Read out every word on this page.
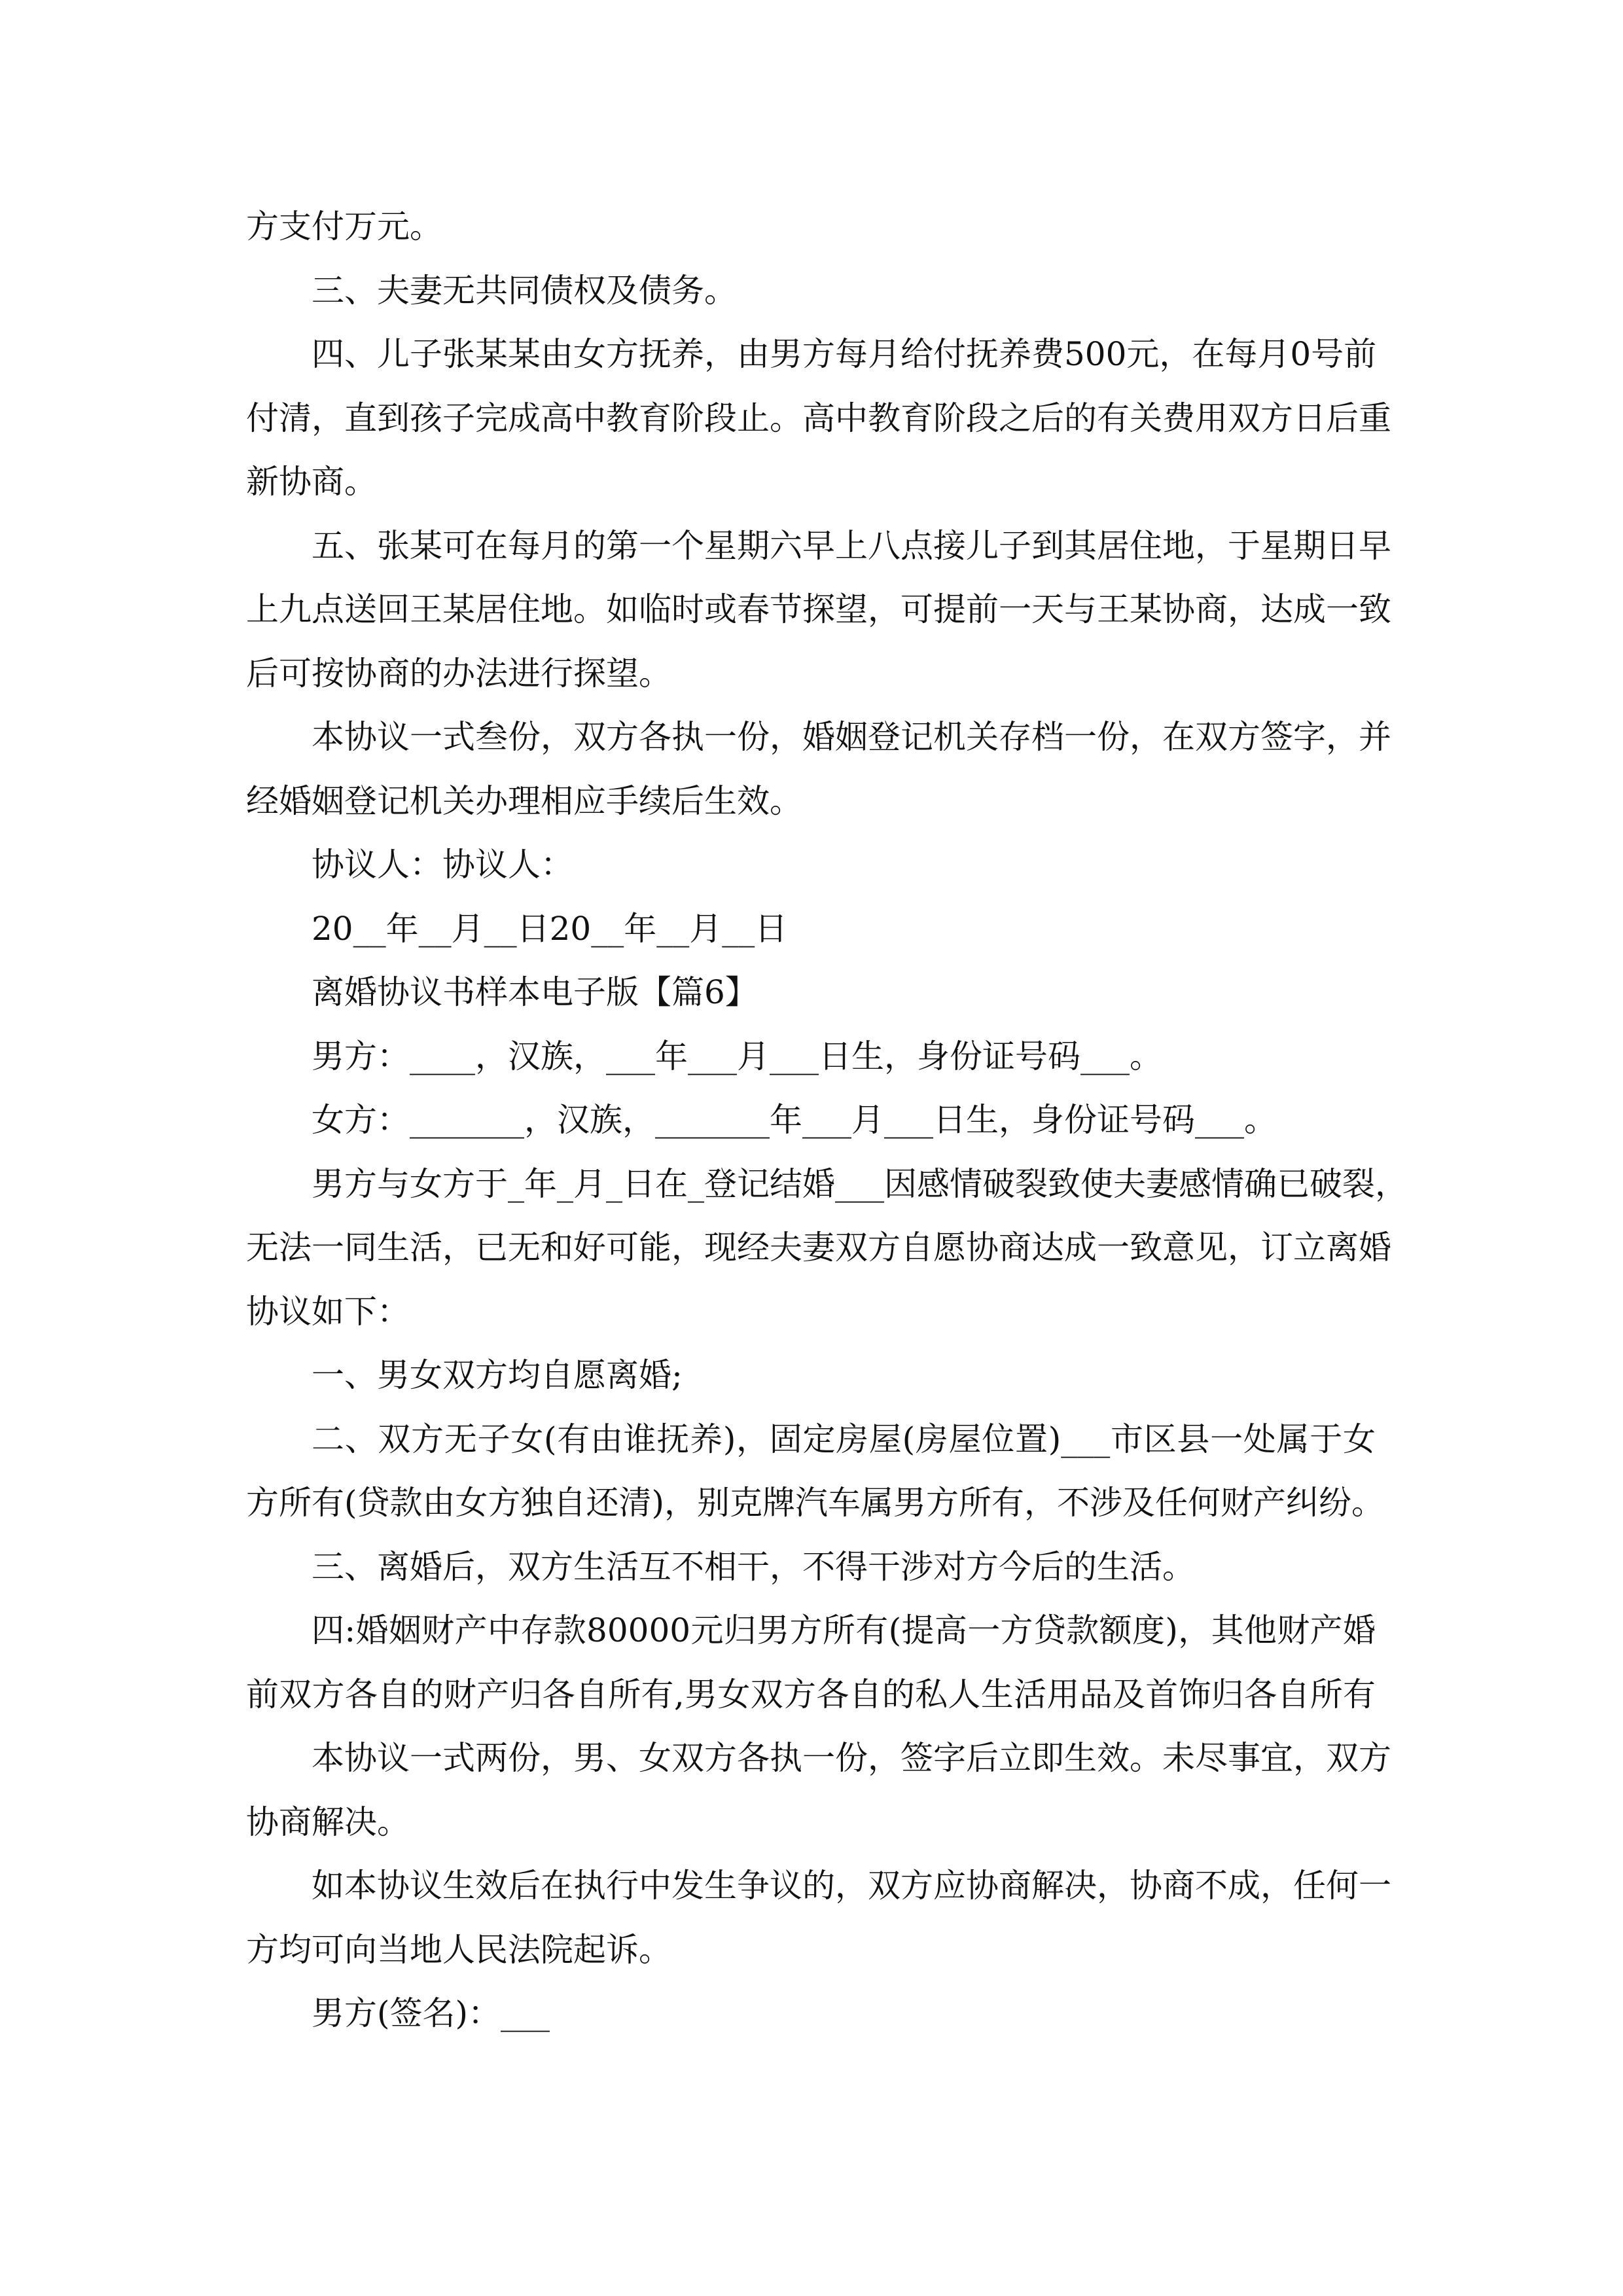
方支付万元。
三、夫妻无共同债权及债务。
四、儿子张某某由女方抚养，由男方每月给付抚养费500元，在每月0号前
付清，直到孩子完成高中教育阶段止。高中教育阶段之后的有关费用双方日后重
新协商。
五、张某可在每月的第一个星期六早上八点接儿子到其居住地，于星期日早
上九点送回王某居住地。如临时或春节探望，可提前一天与王某协商，达成一致
后可按协商的办法进行探望。
本协议一式叁份，双方各执一份，婚姻登记机关存档一份，在双方签字，并
经婚姻登记机关办理相应手续后生效。
协议人：协议人：
20__年__月__日20__年__月__日
离婚协议书样本电子版【篇6】
男方：____，汉族，___年___月___日生，身份证号码___。
女方：_______，汉族，_______年___月___日生，身份证号码___。
男方与女方于_年_月_日在_登记结婚___因感情破裂致使夫妻感情确已破裂，
无法一同生活，已无和好可能，现经夫妻双方自愿协商达成一致意见，订立离婚
协议如下：
一、男女双方均自愿离婚;
二、双方无子女(有由谁抚养)，固定房屋(房屋位置)___市区县一处属于女
方所有(贷款由女方独自还清)，别克牌汽车属男方所有，不涉及任何财产纠纷。
三、离婚后，双方生活互不相干，不得干涉对方今后的生活。
四:婚姻财产中存款80000元归男方所有(提高一方贷款额度)，其他财产婚
前双方各自的财产归各自所有,男女双方各自的私人生活用品及首饰归各自所有
本协议一式两份，男、女双方各执一份，签字后立即生效。未尽事宜，双方
协商解决。
如本协议生效后在执行中发生争议的，双方应协商解决，协商不成，任何一
方均可向当地人民法院起诉。
男方(签名)：___
